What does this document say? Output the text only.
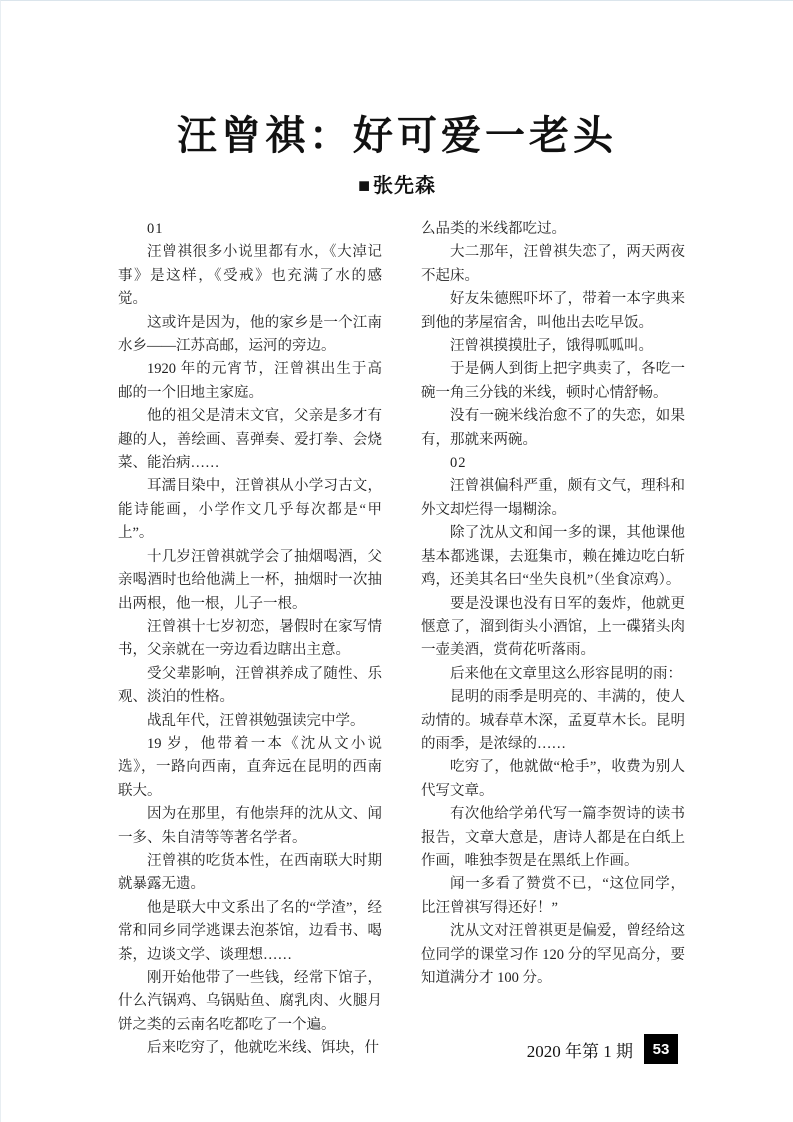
汪曾祺：好可爱一老头
■ 张先森

01

汪曾祺很多小说里都有水，《大淖记事》是这样，《受戒》也充满了水的感觉。

这或许是因为，他的家乡是一个江南水乡——江苏高邮，运河的旁边。

1920 年的元宵节，汪曾祺出生于高邮的一个旧地主家庭。

他的祖父是清末文官，父亲是多才有趣的人，善绘画、喜弹奏、爱打拳、会烧菜、能治病……

耳濡目染中，汪曾祺从小学习古文，能诗能画，小学作文几乎每次都是“甲上”。

十几岁汪曾祺就学会了抽烟喝酒，父亲喝酒时也给他满上一杯，抽烟时一次抽出两根，他一根，儿子一根。

汪曾祺十七岁初恋，暑假时在家写情书，父亲就在一旁边看边瞎出主意。

受父辈影响，汪曾祺养成了随性、乐观、淡泊的性格。

战乱年代，汪曾祺勉强读完中学。

19 岁，他带着一本《沈从文小说选》，一路向西南，直奔远在昆明的西南联大。

因为在那里，有他崇拜的沈从文、闻一多、朱自清等等著名学者。

汪曾祺的吃货本性，在西南联大时期就暴露无遗。

他是联大中文系出了名的“学渣”，经常和同乡同学逃课去泡茶馆，边看书、喝茶，边谈文学、谈理想……

刚开始他带了一些钱，经常下馆子，什么汽锅鸡、乌锅贴鱼、腐乳肉、火腿月饼之类的云南名吃都吃了一个遍。

后来吃穷了，他就吃米线、饵块，什

么品类的米线都吃过。

大二那年，汪曾祺失恋了，两天两夜不起床。

好友朱德熙吓坏了，带着一本字典来到他的茅屋宿舍，叫他出去吃早饭。

汪曾祺摸摸肚子，饿得呱呱叫。

于是俩人到街上把字典卖了，各吃一碗一角三分钱的米线，顿时心情舒畅。

没有一碗米线治愈不了的失恋，如果有，那就来两碗。

02

汪曾祺偏科严重，颇有文气，理科和外文却烂得一塌糊涂。

除了沈从文和闻一多的课，其他课他基本都逃课，去逛集市，赖在摊边吃白斩鸡，还美其名曰“坐失良机”（坐食凉鸡）。

要是没课也没有日军的轰炸，他就更惬意了，溜到街头小酒馆，上一碟猪头肉一壶美酒，赏荷花听落雨。

后来他在文章里这么形容昆明的雨：

昆明的雨季是明亮的、丰满的，使人动情的。城春草木深，孟夏草木长。昆明的雨季，是浓绿的……

吃穷了，他就做“枪手”，收费为别人代写文章。

有次他给学弟代写一篇李贺诗的读书报告，文章大意是，唐诗人都是在白纸上作画，唯独李贺是在黑纸上作画。

闻一多看了赞赏不已，“这位同学，比汪曾祺写得还好！”

沈从文对汪曾祺更是偏爱，曾经给这位同学的课堂习作 120 分的罕见高分，要知道满分才 100 分。

2020 年第 1 期	53
